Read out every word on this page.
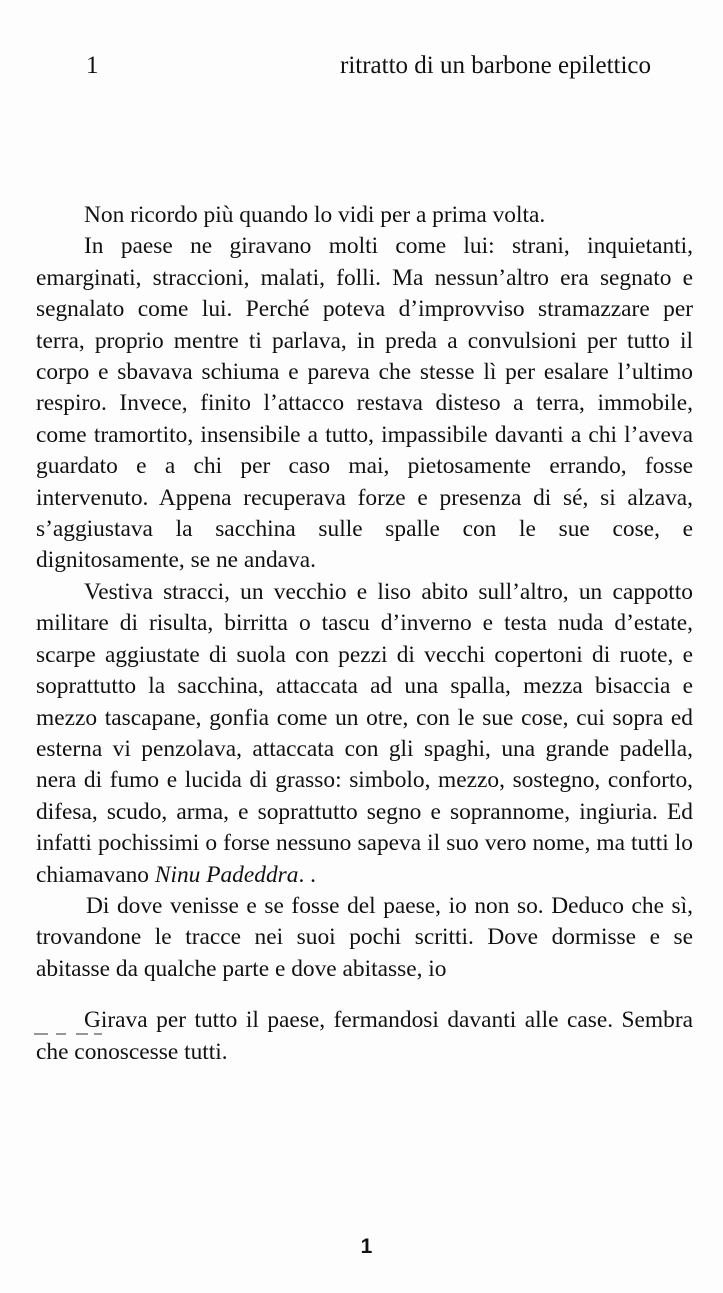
1	ritratto di un barbone epilettico

Non ricordo più quando lo vidi per a prima volta.

In paese ne giravano molti come lui: strani, inquietanti, emarginati, straccioni, malati, folli. Ma nessun’altro era segnato e segnalato come lui. Perché poteva d’improvviso stramazzare per terra, proprio mentre ti parlava, in preda a convulsioni per tutto il corpo e sbavava schiuma e pareva che stesse lì per esalare l’ultimo respiro. Invece, finito l’attacco restava disteso a terra, immobile, come tramortito, insensibile a tutto, impassibile davanti a chi l’aveva guardato e a chi per caso mai, pietosamente errando, fosse intervenuto. Appena recuperava forze e presenza di sé, si alzava, s’aggiustava la sacchina sulle spalle con le sue cose, e dignitosamente, se ne andava.

Vestiva stracci, un vecchio e liso abito sull’altro, un cappotto militare di risulta, birritta o tascu d’inverno e testa nuda d’estate, scarpe aggiustate di suola con pezzi di vecchi copertoni di ruote, e soprattutto la sacchina, attaccata ad una spalla, mezza bisaccia e mezzo tascapane, gonfia come un otre, con le sue cose, cui sopra ed esterna vi penzolava, attaccata con gli spaghi, una grande padella, nera di fumo e lucida di grasso: simbolo, mezzo, sostegno, conforto, difesa, scudo, arma, e soprattutto segno e soprannome, ingiuria. Ed infatti pochissimi o forse nessuno sapeva il suo vero nome, ma tutti lo chiamavano Ninu Padeddra. .

Di dove venisse e se fosse del paese, io non so. Deduco che sì, trovandone le tracce nei suoi pochi scritti. Dove dormisse e se abitasse da qualche parte e dove abitasse, io

Girava per tutto il paese, fermandosi davanti alle case. Sembra che conoscesse tutti.

1
